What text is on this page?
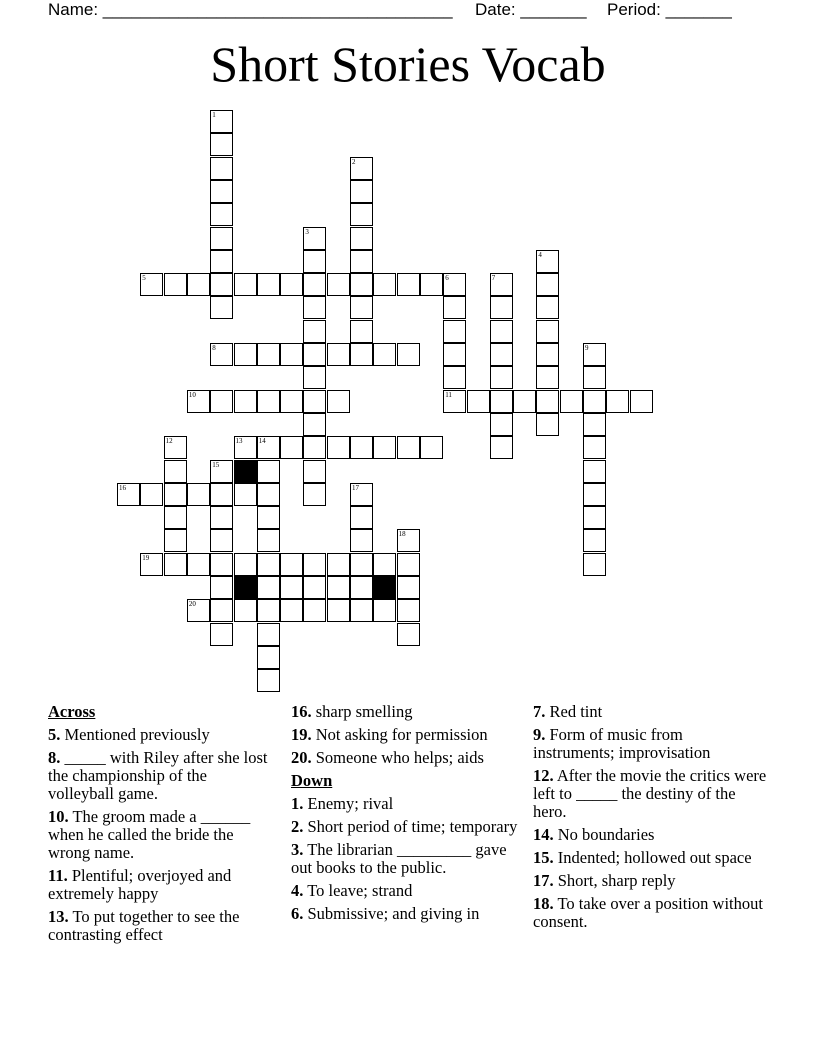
Name: _____________________________________ Date: _______ Period: _______
Short Stories Vocab
1
2
3
4
5	6
11
7
8	9
10
12	13 14
15
16	17
18
19
20
Across
5. Mentioned previously
8. _____ with Riley after she lost the championship of the volleyball game.
10. The groom made a ______ when he called the bride the wrong name.
11. Plentiful; overjoyed and extremely happy
13. To put together to see the contrasting effect
16. sharp smelling
19. Not asking for permission
20. Someone who helps; aids
Down
1. Enemy; rival
2. Short period of time; temporary
3. The librarian _________ gave out books to the public.
4. To leave; strand
6. Submissive; and giving in
7. Red tint
9. Form of music from instruments; improvisation
12. After the movie the critics were left to _____ the destiny of the hero.
14. No boundaries
15. Indented; hollowed out space
17. Short, sharp reply
18. To take over a position without consent.
